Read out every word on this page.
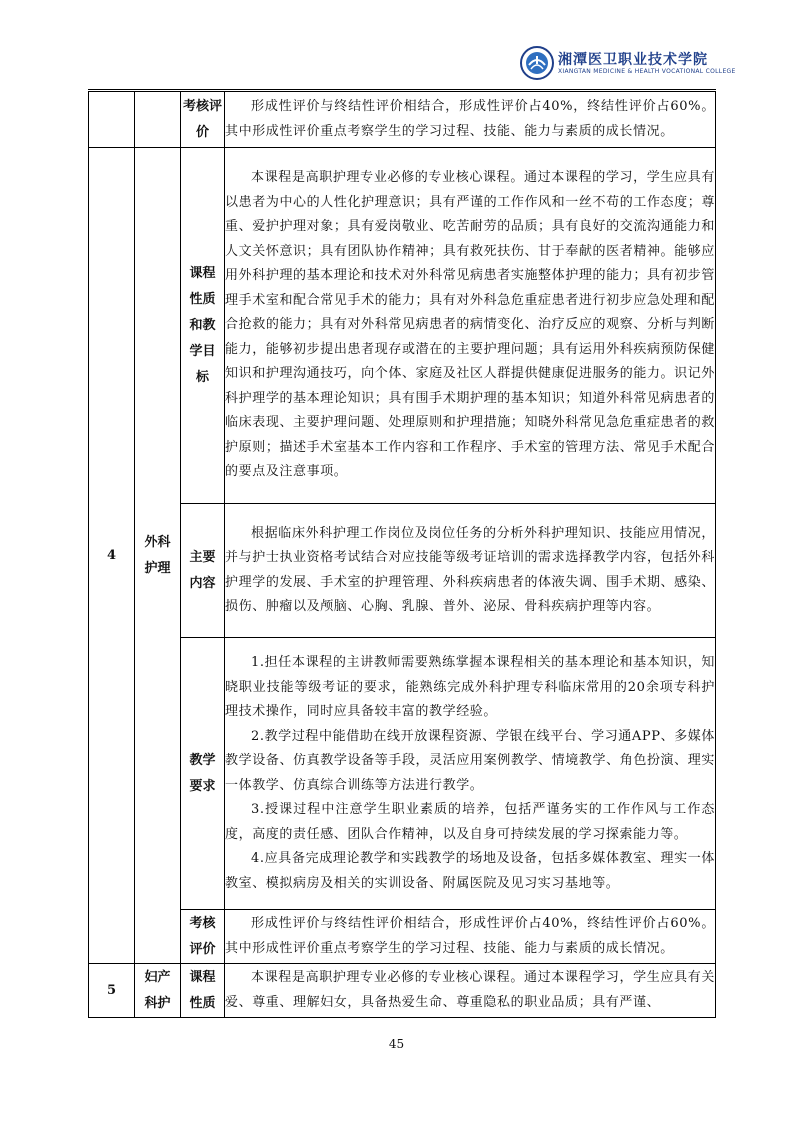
湘潭医卫职业技术学院
XIANGTAN MEDICINE & HEALTH VOCATIONAL COLLEGE
		考核评价	形成性评价与终结性评价相结合，形成性评价占40%，终结性评价占60%。其中形成性评价重点考察学生的学习过程、技能、能力与素质的成长情况。

4	外科护理	课程性质和教学目标	本课程是高职护理专业必修的专业核心课程。通过本课程的学习，学生应具有以患者为中心的人性化护理意识；具有严谨的工作作风和一丝不苟的工作态度；尊重、爱护护理对象；具有爱岗敬业、吃苦耐劳的品质；具有良好的交流沟通能力和人文关怀意识；具有团队协作精神；具有救死扶伤、甘于奉献的医者精神。能够应用外科护理的基本理论和技术对外科常见病患者实施整体护理的能力；具有初步管理手术室和配合常见手术的能力；具有对外科急危重症患者进行初步应急处理和配合抢救的能力；具有对外科常见病患者的病情变化、治疗反应的观察、分析与判断能力，能够初步提出患者现存或潜在的主要护理问题；具有运用外科疾病预防保健知识和护理沟通技巧，向个体、家庭及社区人群提供健康促进服务的能力。识记外科护理学的基本理论知识；具有围手术期护理的基本知识；知道外科常见病患者的临床表现、主要护理问题、处理原则和护理措施；知晓外科常见急危重症患者的救护原则；描述手术室基本工作内容和工作程序、手术室的管理方法、常见手术配合的要点及注意事项。

		主要内容	根据临床外科护理工作岗位及岗位任务的分析外科护理知识、技能应用情况，并与护士执业资格考试结合对应技能等级考证培训的需求选择教学内容，包括外科护理学的发展、手术室的护理管理、外科疾病患者的体液失调、围手术期、感染、损伤、肿瘤以及颅脑、心胸、乳腺、普外、泌尿、骨科疾病护理等内容。

		教学要求	1.担任本课程的主讲教师需要熟练掌握本课程相关的基本理论和基本知识，知晓职业技能等级考证的要求，能熟练完成外科护理专科临床常用的20余项专科护理技术操作，同时应具备较丰富的教学经验。

2.教学过程中能借助在线开放课程资源、学银在线平台、学习通APP、多媒体教学设备、仿真教学设备等手段，灵活应用案例教学、情境教学、角色扮演、理实一体教学、仿真综合训练等方法进行教学。

3.授课过程中注意学生职业素质的培养，包括严谨务实的工作作风与工作态度，高度的责任感、团队合作精神，以及自身可持续发展的学习探索能力等。

4.应具备完成理论教学和实践教学的场地及设备，包括多媒体教室、理实一体教室、模拟病房及相关的实训设备、附属医院及见习实习基地等。

		考核评价	形成性评价与终结性评价相结合，形成性评价占40%，终结性评价占60%。其中形成性评价重点考察学生的学习过程、技能、能力与素质的成长情况。

5	妇产科护	课程性质	本课程是高职护理专业必修的专业核心课程。通过本课程学习，学生应具有关爱、尊重、理解妇女，具备热爱生命、尊重隐私的职业品质；具有严谨、

45
